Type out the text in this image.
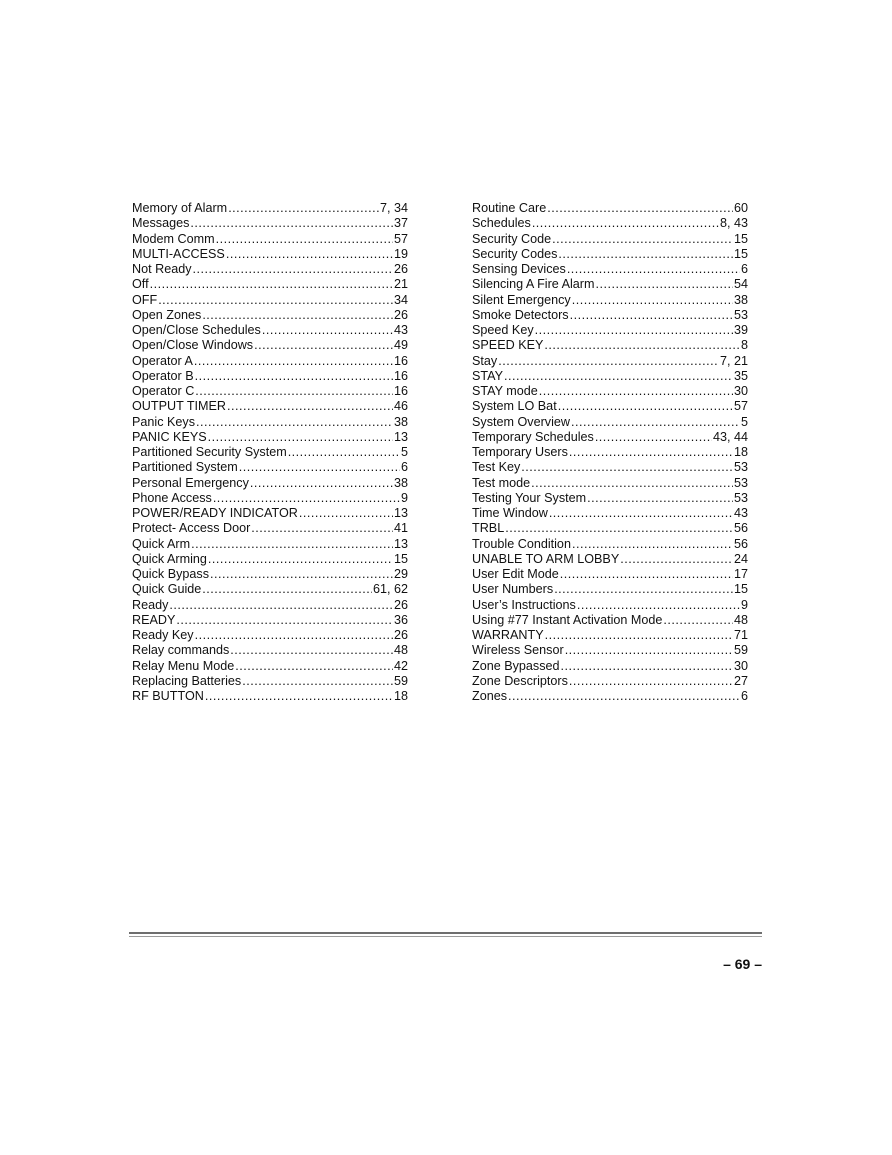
Memory of Alarm .....	7, 34
Messages .....	37
Modem Comm .....	57
MULTI-ACCESS .....	19
Not Ready .....	26
Off .....	21
OFF .....	34
Open Zones .....	26
Open/Close Schedules .....	43
Open/Close Windows .....	49
Operator A .....	16
Operator B .....	16
Operator C .....	16
OUTPUT TIMER .....	46
Panic Keys .....	38
PANIC KEYS .....	13
Partitioned Security System .....	5
Partitioned System .....	6
Personal Emergency .....	38
Phone Access .....	9
POWER/READY INDICATOR .....	13
Protect- Access Door .....	41
Quick Arm .....	13
Quick Arming .....	15
Quick Bypass .....	29
Quick Guide .....	61, 62
Ready .....	26
READY .....	36
Ready Key .....	26
Relay commands .....	48
Relay Menu Mode .....	42
Replacing Batteries .....	59
RF BUTTON .....	18
Routine Care .....	60
Schedules .....	8, 43
Security Code .....	15
Security Codes .....	15
Sensing Devices .....	6
Silencing A Fire Alarm .....	54
Silent Emergency .....	38
Smoke Detectors .....	53
Speed Key .....	39
SPEED KEY .....	8
Stay .....	7, 21
STAY .....	35
STAY mode .....	30
System LO Bat .....	57
System Overview .....	5
Temporary Schedules .....	43, 44
Temporary Users .....	18
Test Key .....	53
Test mode .....	53
Testing Your System .....	53
Time Window .....	43
TRBL .....	56
Trouble Condition .....	56
UNABLE TO ARM LOBBY .....	24
User Edit Mode .....	17
User Numbers .....	15
User’s Instructions .....	9
Using #77 Instant Activation Mode .....	48
WARRANTY .....	71
Wireless Sensor .....	59
Zone Bypassed .....	30
Zone Descriptors .....	27
Zones .....	6
– 69 –
